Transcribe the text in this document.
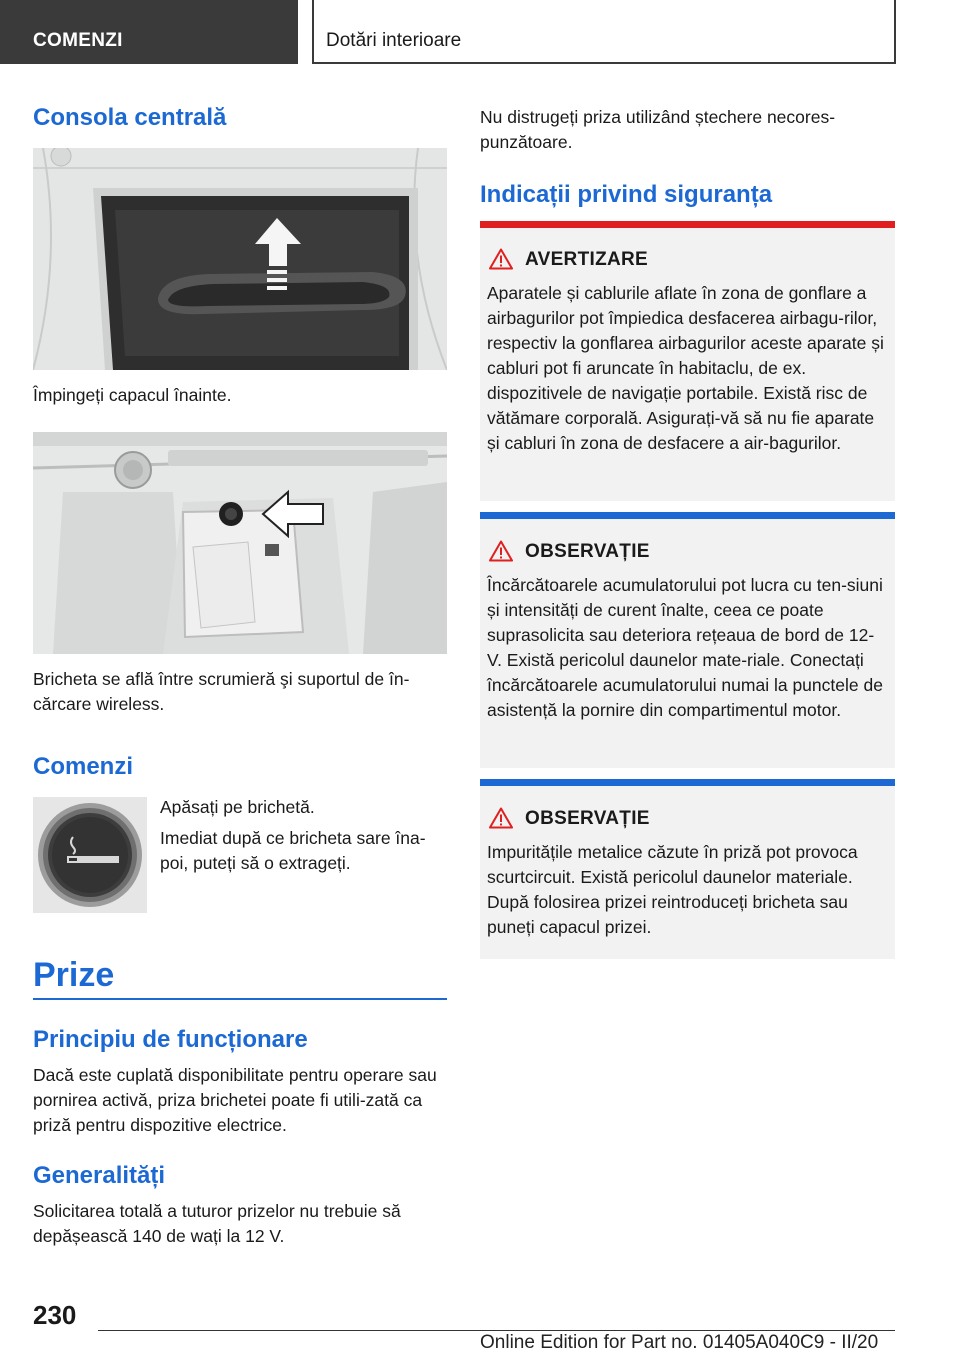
COMENZI	Dotări interioare
Consola centrală
Împingeți capacul înainte.
Bricheta se află între scrumieră şi suportul de în-cărcare wireless.
Comenzi
Apăsați pe brichetă.
Imediat după ce bricheta sare îna-poi, puteți să o extrageți.
Prize
Principiu de funcționare
Dacă este cuplată disponibilitate pentru operare sau pornirea activă, priza brichetei poate fi utili-zată ca priză pentru dispozitive electrice.
Generalități
Solicitarea totală a tuturor prizelor nu trebuie să depășească 140 de wați la 12 V.
Nu distrugeți priza utilizând ștechere necores-punzătoare.
Indicații privind siguranța
AVERTIZARE
Aparatele și cablurile aflate în zona de gonflare a airbagurilor pot împiedica desfacerea airbagu-rilor, respectiv la gonflarea airbagurilor aceste aparate și cabluri pot fi aruncate în habitaclu, de ex. dispozitivele de navigație portabile. Există risc de vătămare corporală. Asigurați-vă să nu fie aparate și cabluri în zona de desfacere a air-bagurilor.
OBSERVAȚIE
Încărcătoarele acumulatorului pot lucra cu ten-siuni și intensități de curent înalte, ceea ce poate suprasolicita sau deteriora rețeaua de bord de 12-V. Există pericolul daunelor mate-riale. Conectați încărcătoarele acumulatorului numai la punctele de asistență la pornire din compartimentul motor.
OBSERVAȚIE
Impuritățile metalice căzute în priză pot provoca scurtcircuit. Există pericolul daunelor materiale. După folosirea prizei reintroduceți bricheta sau puneți capacul prizei.
230
Online Edition for Part no. 01405A040C9 - II/20
